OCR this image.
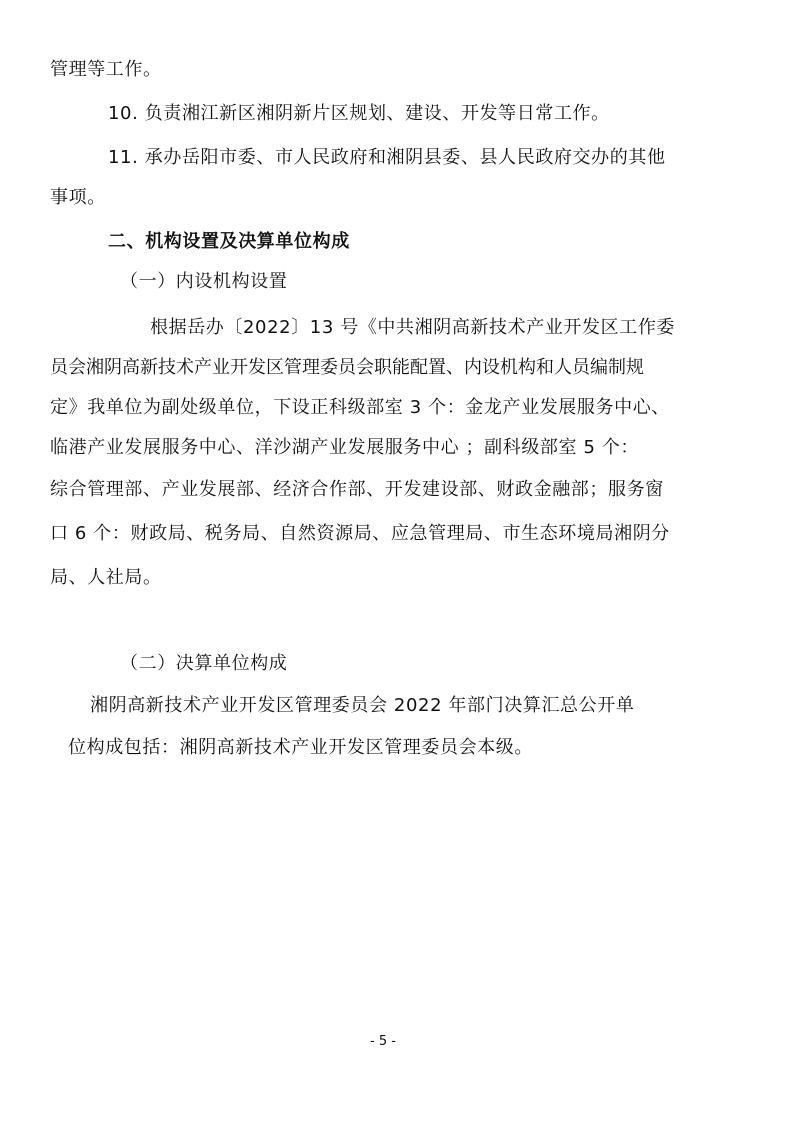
管理等工作。
10. 负责湘江新区湘阴新片区规划、建设、开发等日常工作。
11. 承办岳阳市委、市人民政府和湘阴县委、县人民政府交办的其他
事项。
二、机构设置及决算单位构成
（一）内设机构设置
根据岳办〔2022〕13 号《中共湘阴高新技术产业开发区工作委
员会湘阴高新技术产业开发区管理委员会职能配置、内设机构和人员编制规
定》我单位为副处级单位，下设正科级部室 3 个：金龙产业发展服务中心、
临港产业发展服务中心、洋沙湖产业发展服务中心 ；副科级部室 5 个：
综合管理部、产业发展部、经济合作部、开发建设部、财政金融部；服务窗
口 6 个：财政局、税务局、自然资源局、应急管理局、市生态环境局湘阴分
局、人社局。
（二）决算单位构成
湘阴高新技术产业开发区管理委员会 2022 年部门决算汇总公开单
位构成包括：湘阴高新技术产业开发区管理委员会本级。
- 5 -
